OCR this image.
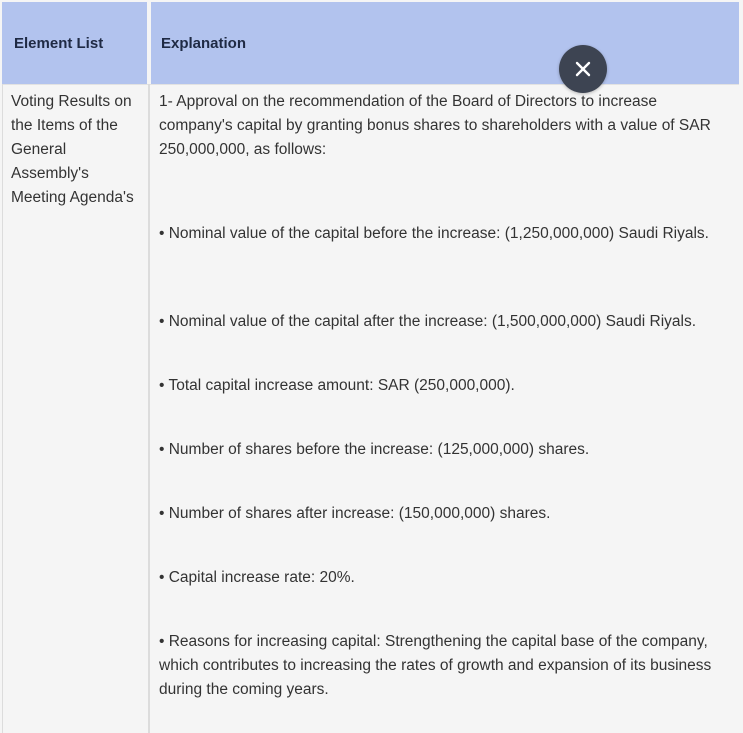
Element List	Explanation
Voting Results on the Items of the General Assembly's Meeting Agenda's

1- Approval on the recommendation of the Board of Directors to increase company's capital by granting bonus shares to shareholders with a value of SAR 250,000,000, as follows:

• Nominal value of the capital before the increase: (1,250,000,000) Saudi Riyals.

• Nominal value of the capital after the increase: (1,500,000,000) Saudi Riyals.

• Total capital increase amount: SAR (250,000,000).

• Number of shares before the increase: (125,000,000) shares.

• Number of shares after increase: (150,000,000) shares.

• Capital increase rate: 20%.

• Reasons for increasing capital: Strengthening the capital base of the company, which contributes to increasing the rates of growth and expansion of its business during the coming years.
